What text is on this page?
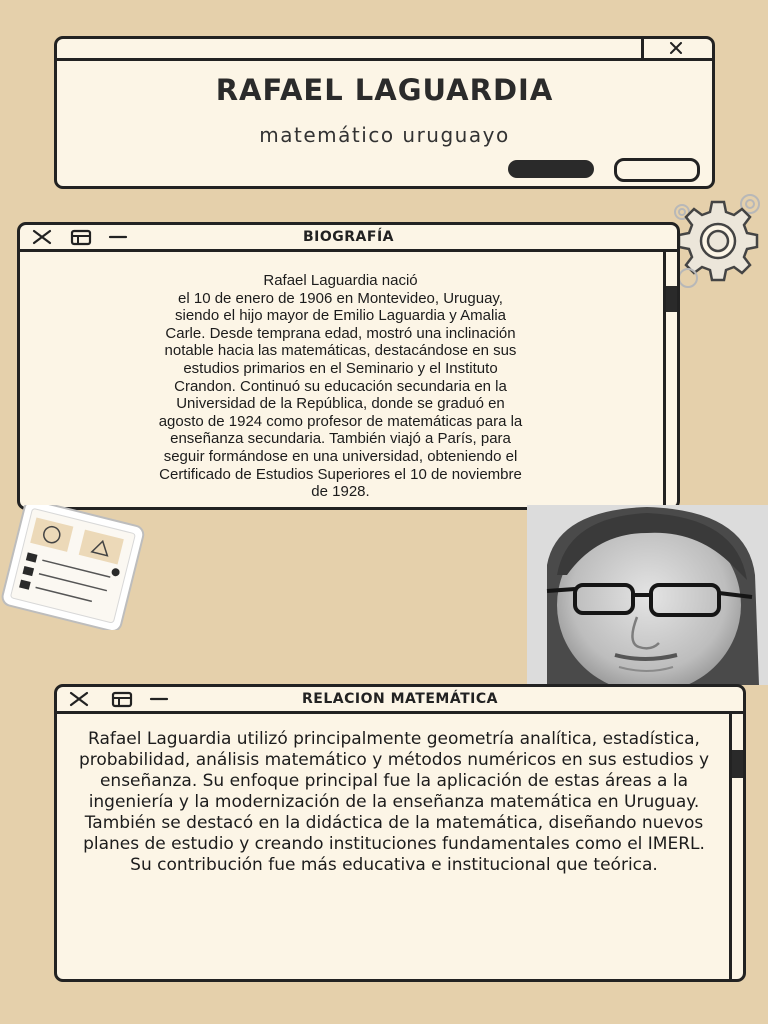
RAFAEL LAGUARDIA
matemático uruguayo
BIOGRAFÍA
Rafael Laguardia nació
el 10 de enero de 1906 en Montevideo, Uruguay,
siendo el hijo mayor de Emilio Laguardia y Amalia
Carle. Desde temprana edad, mostró una inclinación
notable hacia las matemáticas, destacándose en sus
estudios primarios en el Seminario y el Instituto
Crandon. Continuó su educación secundaria en la
Universidad de la República, donde se graduó en
agosto de 1924 como profesor de matemáticas para la
enseñanza secundaria. También viajó a París, para
seguir formándose en una universidad, obteniendo el
Certificado de Estudios Superiores el 10 de noviembre
de 1928.
RELACION MATEMÁTICA
Rafael Laguardia utilizó principalmente geometría analítica, estadística, probabilidad, análisis matemático y métodos numéricos en sus estudios y enseñanza. Su enfoque principal fue la aplicación de estas áreas a la ingeniería y la modernización de la enseñanza matemática en Uruguay. También se destacó en la didáctica de la matemática, diseñando nuevos planes de estudio y creando instituciones fundamentales como el IMERL. Su contribución fue más educativa e institucional que teórica.
